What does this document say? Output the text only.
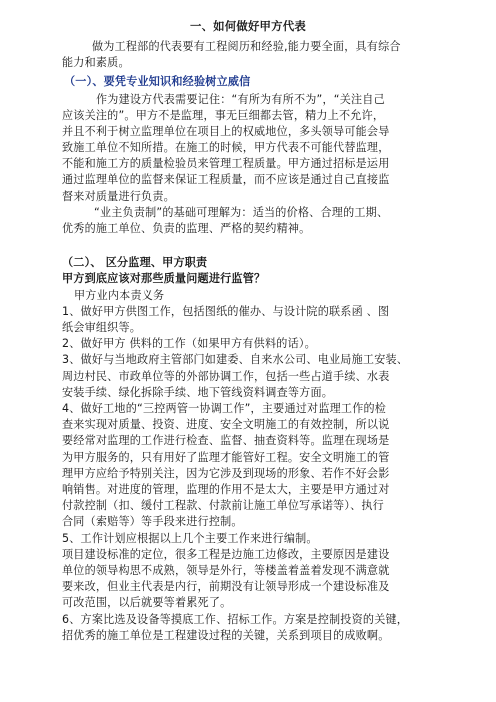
一、如何做好甲方代表
做为工程部的代表要有工程阅历和经验,能力要全面，具有综合
能力和素质。
（一）、要凭专业知识和经验树立威信
作为建设方代表需要记住：“有所为有所不为”，“关注自己
应该关注的”。甲方不是监理，事无巨细都去管，精力上不允许，
并且不利于树立监理单位在项目上的权威地位，多头领导可能会导
致施工单位不知所措。在施工的时候，甲方代表不可能代替监理，
不能和施工方的质量检验员来管理工程质量。甲方通过招标是运用
通过监理单位的监督来保证工程质量，而不应该是通过自己直接监
督来对质量进行负责。
“业主负责制”的基础可理解为：适当的价格、合理的工期、
优秀的施工单位、负责的监理、严格的契约精神。
（二）、 区分监理、甲方职责
甲方到底应该对那些质量问题进行监管？
甲方业内本责义务
1、做好甲方供图工作，包括图纸的催办、与设计院的联系函 、图
纸会审组织等。
2、做好甲方 供料的工作（如果甲方有供料的话）。
3、做好与当地政府主管部门如建委、自来水公司、电业局施工安装、
周边村民、市政单位等的外部协调工作，包括一些占道手续、水表
安装手续、绿化拆除手续、地下管线资料调查等方面。
4、做好工地的“三控两管一协调工作”，主要通过对监理工作的检
查来实现对质量、投资、进度、安全文明施工的有效控制，所以说
要经常对监理的工作进行检查、监督、抽查资料等。监理在现场是
为甲方服务的，只有用好了监理才能管好工程。安全文明施工的管
理甲方应给予特别关注，因为它涉及到现场的形象、若作不好会影
响销售。对进度的管理，监理的作用不是太大，主要是甲方通过对
付款控制（扣、缓付工程款、付款前让施工单位写承诺等）、执行
合同（索赔等）等手段来进行控制。
5、工作计划应根据以上几个主要工作来进行编制。
项目建设标准的定位，很多工程是边施工边修改，主要原因是建设
单位的领导构思不成熟，领导是外行，等楼盖着盖着发现不满意就
要来改，但业主代表是内行，前期没有让领导形成一个建设标准及
可改范围，以后就要等着累死了。
6、方案比选及设备等摸底工作、招标工作。方案是控制投资的关键，
招优秀的施工单位是工程建设过程的关键，关系到项目的成败啊。
